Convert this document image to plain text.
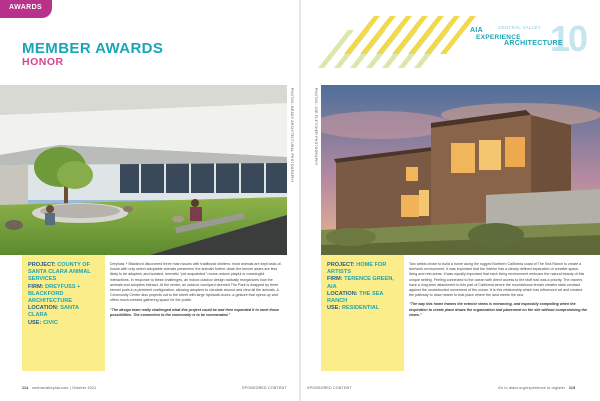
AWARDS
MEMBER AWARDS
HONOR
10
AIA	CENTRAL VALLEY
EXPERIENCE
ARCHITECTURE
PHOTOS: BRADY ARCHITECTURAL PHOTOGRAPHY	PHOTOS: JOE FLETCHER PHOTOGRAPHY
PROJECT: COUNTY OF SANTA CLARA ANIMAL SERVICES
FIRM: DREYFUSS + BLACKFORD ARCHITECTURE
LOCATION: SANTA CLARA
USE: CIVIC

Dreyfuss + Blackford discovered three main issues with traditional shelters: most animals are kept back-of-house with only select adoptable animals presented; the animals further down the kennel aisles are less likely to be adopted; and isolated, hermetic "pet acquainted" rooms reduce playful or meaningful interactions. In response to these challenges, an indoor-outdoor design radically reorganizes how the animals and adopters interact. At the center, an outdoor courtyard deemed The Park is wrapped by three kennel pods in a pinwheel configuration, allowing adopters to circulate around and view all the animals. A Community Center also projects out to the street with large hydraulic doors, a gesture that opens up and offers much-needed gathering space for the public.

"The design team really challenged what this project could be and then expanded it to meet those possibilities. The connection to the community is to be commended."

PROJECT: HOME FOR ARTISTS
FIRM: TERENCE GREEN, AIA
LOCATION: THE SEA RANCH
USE: RESIDENTIAL

Two artists chose to build a home along the rugged Northern California coast of The Sea Ranch to create a live/work environment. It was important that the interior has a clearly defined separation of creative space, living and rest areas. It was equally important that each living environment embrace the natural beauty of this unique setting. Feeling connected to the ocean with direct access to the bluff trail was a priority. The owners have a long-term attachment to this part of California where the mountainous terrain creates stark contrast against the unobstructed movement of the ocean. It is this relationship which has influenced art and created the pathway to draw nearer to that place where the land meets the sea.

"The way this home frames the exterior views is entrancing, and especially compelling when the inspiration to create place draws the organization and placement on the site without compromising the views."

114 centralvalleyaia.com | October 2021	SPONSORED CONTENT	SPONSORED CONTENT	Go to aiacv.org/experience to register 115
